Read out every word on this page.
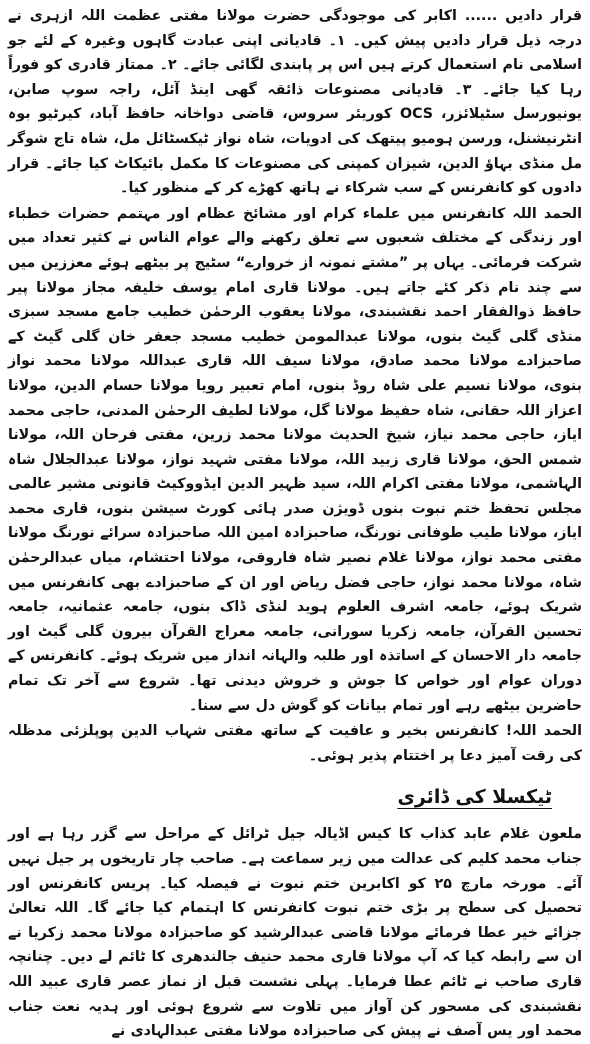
قرار دادیں ...... اکابر کی موجودگی حضرت مولانا مفتی عظمت اللہ ازہری نے درجہ ذیل قرار دادیں پیش کیں۔ ۱۔ قادیانی اپنی عبادت گاہوں وغیرہ کے لئے جو اسلامی نام استعمال کرتے ہیں اس پر پابندی لگائی جائے۔ ۲۔ ممتاز قادری کو فوراً رہا کیا جائے۔ ۳۔ قادیانی مصنوعات ذائقہ گھی اینڈ آئل، راجہ سوپ صابن، یونیورسل سٹیلائزر، OCS کوریئر سروس، قاضی دواخانہ حافظ آباد، کیرٹیو بوہ انٹرنیشنل، ورسن ہومیو پیتھک کی ادویات، شاہ نواز ٹیکسٹائل مل، شاہ تاج شوگر مل منڈی بہاؤ الدین، شیزان کمپنی کی مصنوعات کا مکمل بائیکاٹ کیا جائے۔ قرار دادوں کو کانفرنس کے سب شرکاء نے ہاتھ کھڑے کر کے منظور کیا۔

الحمد اللہ کانفرنس میں علماء کرام اور مشائخ عظام اور مہتمم حضرات خطباء اور زندگی کے مختلف شعبوں سے تعلق رکھنے والے عوام الناس نے کثیر تعداد میں شرکت فرمائی۔ یہاں پر ”مشتے نمونہ از خروارے“ سٹیج پر بیٹھے ہوئے معززین میں سے چند نام ذکر کئے جاتے ہیں۔ مولانا قاری امام یوسف خلیفہ مجاز مولانا پیر حافظ ذوالفقار احمد نقشبندی، مولانا یعقوب الرحمٰن خطیب جامع مسجد سبزی منڈی گلی گیٹ بنوں، مولانا عبدالمومن خطیب مسجد جعفر خان گلی گیٹ کے صاحبزادے مولانا محمد صادق، مولانا سیف اللہ قاری عبداللہ مولانا محمد نواز بنوی، مولانا نسیم علی شاہ روڈ بنوں، امام تعبیر رویا مولانا حسام الدین، مولانا اعزاز اللہ حقانی، شاہ حفیظ مولانا گل، مولانا لطیف الرحمٰن المدنی، حاجی محمد ایاز، حاجی محمد نیاز، شیخ الحدیث مولانا محمد زرین، مفتی فرحان اللہ، مولانا شمس الحق، مولانا قاری زبید اللہ، مولانا مفتی شہید نواز، مولانا عبدالجلال شاہ الہاشمی، مولانا مفتی اکرام اللہ، سید ظہیر الدین ایڈووکیٹ قانونی مشیر عالمی مجلس تحفظ ختم نبوت بنوں ڈویژن صدر ہائی کورٹ سیشن بنوں، قاری محمد ایاز، مولانا طیب طوفانی نورنگ، صاحبزادہ امین اللہ صاحبزادہ سرائے نورنگ مولانا مفتی محمد نواز، مولانا غلام نصیر شاہ فاروقی، مولانا احتشام، میاں عبدالرحمٰن شاہ، مولانا محمد نواز، حاجی فضل ریاض اور ان کے صاحبزادے بھی کانفرنس میں شریک ہوئے، جامعہ اشرف العلوم ہوید لنڈی ڈاک بنوں، جامعہ عثمانیہ، جامعہ تحسین القرآن، جامعہ زکریا سورانی، جامعہ معراج القرآن بیرون گلی گیٹ اور جامعہ دار الاحسان کے اساتذہ اور طلبہ والہانہ انداز میں شریک ہوئے۔ کانفرنس کے دوران عوام اور خواص کا جوش و خروش دیدنی تھا۔ شروع سے آخر تک تمام حاضرین بیٹھے رہے اور تمام بیانات کو گوش دل سے سنا۔

الحمد اللہ! کانفرنس بخیر و عافیت کے ساتھ مفتی شہاب الدین پوپلزئی مدظلہ کی رقت آمیز دعا پر اختتام پذیر ہوئی۔

ٹیکسلا کی ڈائری

ملعون غلام عابد کذاب کا کیس اڈیالہ جیل ٹرائل کے مراحل سے گزر رہا ہے اور جناب محمد کلیم کی عدالت میں زیر سماعت ہے۔ صاحب چار تاریخوں پر جیل نہیں آئے۔ مورخہ مارچ ۲۵ کو اکابرین ختم نبوت نے فیصلہ کیا۔ پریس کانفرنس اور تحصیل کی سطح پر بڑی ختم نبوت کانفرنس کا اہتمام کیا جائے گا۔ اللہ تعالیٰ جزائے خیر عطا فرمائے مولانا قاضی عبدالرشید کو صاحبزادہ مولانا محمد زکریا نے ان سے رابطہ کیا کہ آپ مولانا قاری محمد حنیف جالندھری کا ٹائم لے دیں۔ چنانچہ قاری صاحب نے ٹائم عطا فرمایا۔ پہلی نشست قبل از نماز عصر قاری عبید اللہ نقشبندی کی مسحور کن آواز میں تلاوت سے شروع ہوئی اور ہدیہ نعت جناب محمد اور یس آصف نے پیش کی صاحبزادہ مولانا مفتی عبدالہادی نے
